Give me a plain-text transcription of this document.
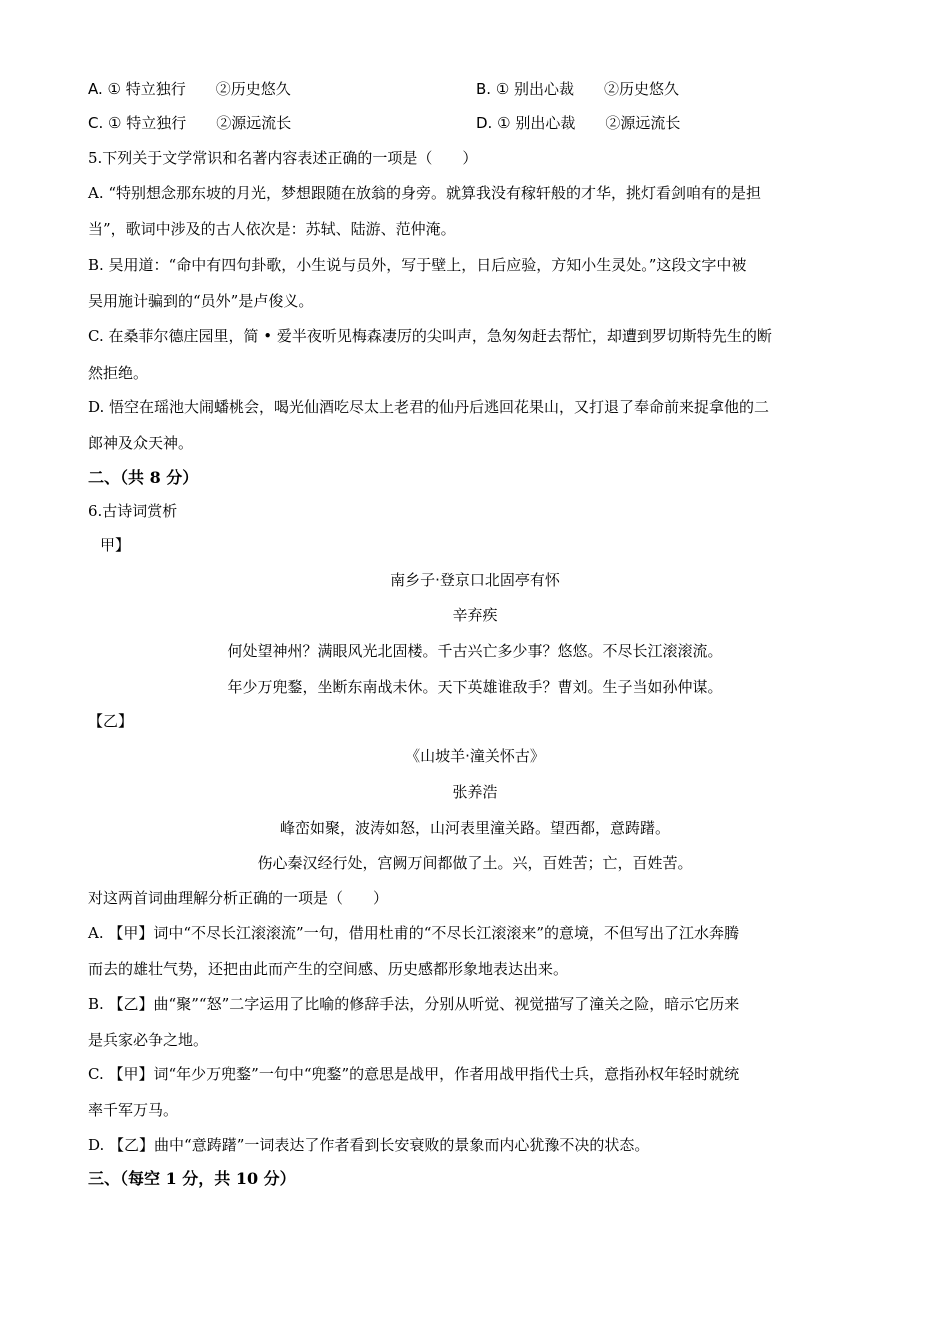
A. ① 特立独行　　②历史悠久	B. ① 别出心裁　　②历史悠久
C. ① 特立独行　　②源远流长	D. ① 别出心裁　　②源远流长
5.下列关于文学常识和名著内容表述正确的一项是（　　）
A. “特别想念那东坡的月光，梦想跟随在放翁的身旁。就算我没有稼轩般的才华，挑灯看剑咱有的是担
当”，歌词中涉及的古人依次是：苏轼、陆游、范仲淹。
B. 吴用道：“命中有四句卦歌，小生说与员外，写于壁上，日后应验，方知小生灵处。”这段文字中被
吴用施计骗到的“员外”是卢俊义。
C. 在桑菲尔德庄园里，简 • 爱半夜听见梅森凄厉的尖叫声，急匆匆赶去帮忙，却遭到罗切斯特先生的断
然拒绝。
D. 悟空在瑶池大闹蟠桃会，喝光仙酒吃尽太上老君的仙丹后逃回花果山，又打退了奉命前来捉拿他的二
郎神及众天神。
二、（共 8 分）
6.古诗词赏析
甲】
南乡子·登京口北固亭有怀
辛弃疾
何处望神州？满眼风光北固楼。千古兴亡多少事？悠悠。不尽长江滚滚流。
年少万兜鍪，坐断东南战未休。天下英雄谁敌手？曹刘。生子当如孙仲谋。
【乙】
《山坡羊·潼关怀古》
张养浩
峰峦如聚，波涛如怒，山河表里潼关路。望西都，意踌躇。
伤心秦汉经行处，宫阙万间都做了土。兴，百姓苦；亡，百姓苦。
对这两首词曲理解分析正确的一项是（　　）
A. 【甲】词中“不尽长江滚滚流”一句，借用杜甫的“不尽长江滚滚来”的意境，不但写出了江水奔腾
而去的雄壮气势，还把由此而产生的空间感、历史感都形象地表达出来。
B. 【乙】曲“聚”“怒”二字运用了比喻的修辞手法，分别从听觉、视觉描写了潼关之险，暗示它历来
是兵家必争之地。
C. 【甲】词“年少万兜鍪”一句中“兜鍪”的意思是战甲，作者用战甲指代士兵，意指孙权年轻时就统
率千军万马。
D. 【乙】曲中“意踌躇”一词表达了作者看到长安衰败的景象而内心犹豫不决的状态。
三、（每空 1 分，共 10 分）
